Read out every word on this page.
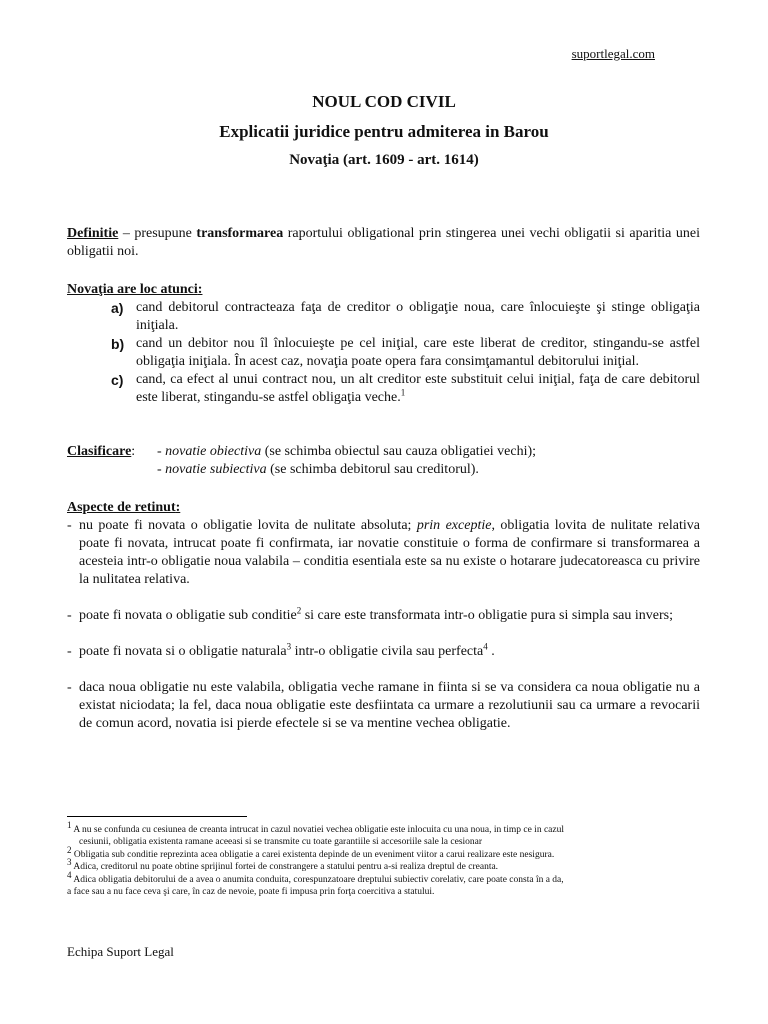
suportlegal.com

NOUL COD CIVIL

Explicatii juridice pentru admiterea in Barou

Novaţia (art. 1609 - art. 1614)

Definitie – presupune transformarea raportului obligational prin stingerea unei vechi obligatii si aparitia unei obligatii noi.
Novaţia are loc atunci:

a) cand debitorul contracteaza faţa de creditor o obligaţie noua, care înlocuieşte şi stinge obligaţia iniţiala.

b) cand un debitor nou îl înlocuieşte pe cel iniţial, care este liberat de creditor, stingandu-se astfel obligaţia iniţiala. În acest caz, novaţia poate opera fara consimţamantul debitorului iniţial.

c) cand, ca efect al unui contract nou, un alt creditor este substituit celui iniţial, faţa de care debitorul este liberat, stingandu-se astfel obligaţia veche.$^1$

Clasificare: - novatie obiectiva (se schimba obiectul sau cauza obligatiei vechi);
- novatie subiectiva (se schimba debitorul sau creditorul).
Aspecte de retinut:

- nu poate fi novata o obligatie lovita de nulitate absoluta; prin exceptie, obligatia lovita de nulitate relativa poate fi novata, intrucat poate fi confirmata, iar novatie constituie o forma de confirmare si transformarea a acesteia intr-o obligatie noua valabila – conditia esentiala este sa nu existe o hotarare judecatoreasca cu privire la nulitatea relativa.

- poate fi novata o obligatie sub conditie$^2$ si care este transformata intr-o obligatie pura si simpla sau invers;

- poate fi novata si o obligatie naturala$^3$ intr-o obligatie civila sau perfecta$^4$ .

- daca noua obligatie nu este valabila, obligatia veche ramane in fiinta si se va considera ca noua obligatie nu a existat niciodata; la fel, daca noua obligatie este desfiintata ca urmare a rezolutiunii sau ca urmare a revocarii de comun acord, novatia isi pierde efectele si se va mentine vechea obligatie.

$^1$ A nu se confunda cu cesiunea de creanta intrucat in cazul novatiei vechea obligatie este inlocuita cu una noua, in timp ce in cazul

cesiunii, obligatia existenta ramane aceeasi si se transmite cu toate garantiile si accesoriile sale la cesionar

$^2$ Obligatia sub conditie reprezinta acea obligatie a carei existenta depinde de un eveniment viitor a carui realizare este nesigura.

$^3$ Adica, creditorul nu poate obtine sprijinul fortei de constrangere a statului pentru a-si realiza dreptul de creanta.

$^4$ Adica obligatia debitorului de a avea o anumita conduita, corespunzatoare dreptului subiectiv corelativ, care poate consta în a da,

a face sau a nu face ceva şi care, în caz de nevoie, poate fi impusa prin forţa coercitiva a statului.

Echipa Suport Legal
